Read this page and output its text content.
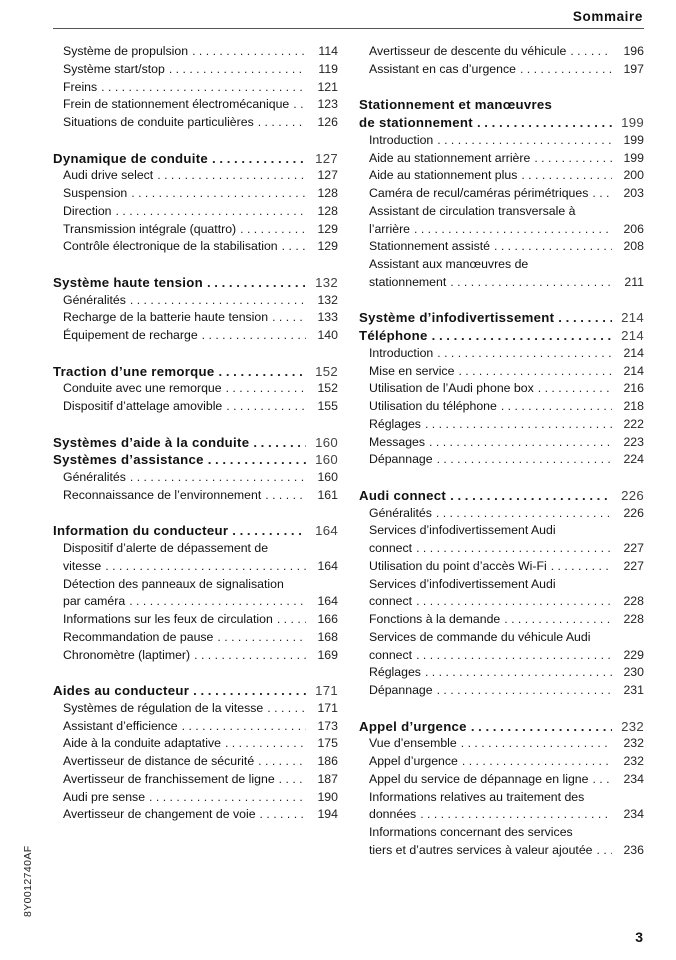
Sommaire
Système de propulsion . . .	114
Système start/stop . . .	119
Freins . . .	121
Frein de stationnement électromécanique . . .	123
Situations de conduite particulières . . .	126
Dynamique de conduite . . .	127
Audi drive select . . .	127
Suspension . . .	128
Direction . . .	128
Transmission intégrale (quattro) . . .	129
Contrôle électronique de la stabilisation . . .	129
Système haute tension . . .	132
Généralités . . .	132
Recharge de la batterie haute tension . . .	133
Équipement de recharge . . .	140
Traction d’une remorque . . .	152
Conduite avec une remorque . . .	152
Dispositif d’attelage amovible . . .	155
Systèmes d’aide à la conduite . . .	160
Systèmes d’assistance . . .	160
Généralités . . .	160
Reconnaissance de l’environnement . . .	161
Information du conducteur . . .	164
Dispositif d’alerte de dépassement de
vitesse . . .	164
Détection des panneaux de signalisation
par caméra . . .	164
Informations sur les feux de circulation . . .	166
Recommandation de pause . . .	168
Chronomètre (laptimer) . . .	169
Aides au conducteur . . .	171
Systèmes de régulation de la vitesse . . .	171
Assistant d’efficience . . .	173
Aide à la conduite adaptative . . .	175
Avertisseur de distance de sécurité . . .	186
Avertisseur de franchissement de ligne . . .	187
Audi pre sense . . .	190
Avertisseur de changement de voie . . .	194
Avertisseur de descente du véhicule . . .	196
Assistant en cas d’urgence . . .	197
Stationnement et manœuvres
de stationnement . . .	199
Introduction . . .	199
Aide au stationnement arrière . . .	199
Aide au stationnement plus . . .	200
Caméra de recul/caméras périmétriques . . .	203
Assistant de circulation transversale à
l’arrière . . .	206
Stationnement assisté . . .	208
Assistant aux manœuvres de
stationnement . . .	211
Système d’infodivertissement . . .	214
Téléphone . . .	214
Introduction . . .	214
Mise en service . . .	214
Utilisation de l’Audi phone box . . .	216
Utilisation du téléphone . . .	218
Réglages . . .	222
Messages . . .	223
Dépannage . . .	224
Audi connect . . .	226
Généralités . . .	226
Services d’infodivertissement Audi
connect . . .	227
Utilisation du point d’accès Wi-Fi . . .	227
Services d’infodivertissement Audi
connect . . .	228
Fonctions à la demande . . .	228
Services de commande du véhicule Audi
connect . . .	229
Réglages . . .	230
Dépannage . . .	231
Appel d’urgence . . .	232
Vue d’ensemble . . .	232
Appel d’urgence . . .	232
Appel du service de dépannage en ligne . . .	234
Informations relatives au traitement des
données . . .	234
Informations concernant des services
tiers et d’autres services à valeur ajoutée . . .	236
8Y0012740AF
3
